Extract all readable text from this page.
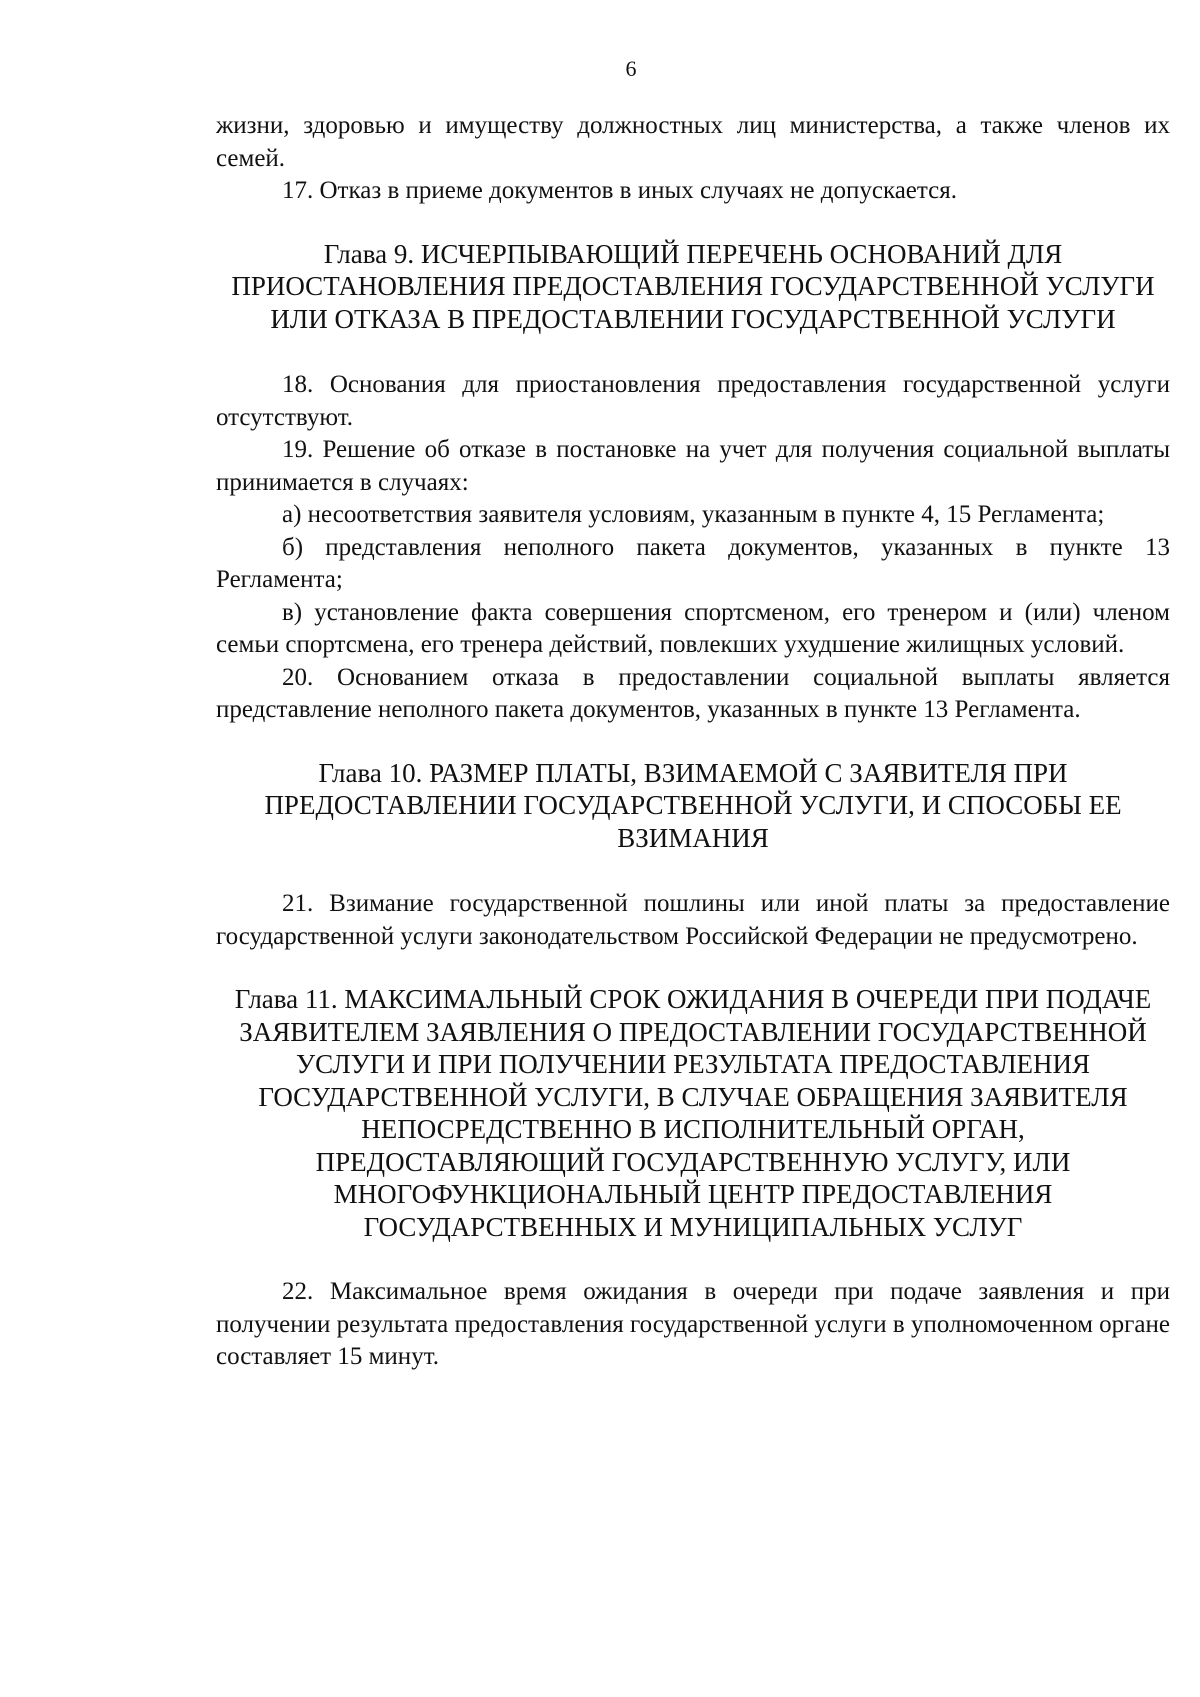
6

жизни, здоровью и имуществу должностных лиц министерства, а также членов их семей.

17. Отказ в приеме документов в иных случаях не допускается.

Глава 9. ИСЧЕРПЫВАЮЩИЙ ПЕРЕЧЕНЬ ОСНОВАНИЙ ДЛЯ ПРИОСТАНОВЛЕНИЯ ПРЕДОСТАВЛЕНИЯ ГОСУДАРСТВЕННОЙ УСЛУГИ ИЛИ ОТКАЗА В ПРЕДОСТАВЛЕНИИ ГОСУДАРСТВЕННОЙ УСЛУГИ

18. Основания для приостановления предоставления государственной услуги отсутствуют.

19. Решение об отказе в постановке на учет для получения социальной выплаты принимается в случаях:

а) несоответствия заявителя условиям, указанным в пункте 4, 15 Регламента;

б) представления неполного пакета документов, указанных в пункте 13 Регламента;

в) установление факта совершения спортсменом, его тренером и (или) членом семьи спортсмена, его тренера действий, повлекших ухудшение жилищных условий.

20. Основанием отказа в предоставлении социальной выплаты является представление неполного пакета документов, указанных в пункте 13 Регламента.

Глава 10. РАЗМЕР ПЛАТЫ, ВЗИМАЕМОЙ С ЗАЯВИТЕЛЯ ПРИ ПРЕДОСТАВЛЕНИИ ГОСУДАРСТВЕННОЙ УСЛУГИ, И СПОСОБЫ ЕЕ ВЗИМАНИЯ

21. Взимание государственной пошлины или иной платы за предоставление государственной услуги законодательством Российской Федерации не предусмотрено.

Глава 11. МАКСИМАЛЬНЫЙ СРОК ОЖИДАНИЯ В ОЧЕРЕДИ ПРИ ПОДАЧЕ ЗАЯВИТЕЛЕМ ЗАЯВЛЕНИЯ О ПРЕДОСТАВЛЕНИИ ГОСУДАРСТВЕННОЙ УСЛУГИ И ПРИ ПОЛУЧЕНИИ РЕЗУЛЬТАТА ПРЕДОСТАВЛЕНИЯ ГОСУДАРСТВЕННОЙ УСЛУГИ, В СЛУЧАЕ ОБРАЩЕНИЯ ЗАЯВИТЕЛЯ НЕПОСРЕДСТВЕННО В ИСПОЛНИТЕЛЬНЫЙ ОРГАН, ПРЕДОСТАВЛЯЮЩИЙ ГОСУДАРСТВЕННУЮ УСЛУГУ, ИЛИ МНОГОФУНКЦИОНАЛЬНЫЙ ЦЕНТР ПРЕДОСТАВЛЕНИЯ ГОСУДАРСТВЕННЫХ И МУНИЦИПАЛЬНЫХ УСЛУГ

22. Максимальное время ожидания в очереди при подаче заявления и при получении результата предоставления государственной услуги в уполномоченном органе составляет 15 минут.
